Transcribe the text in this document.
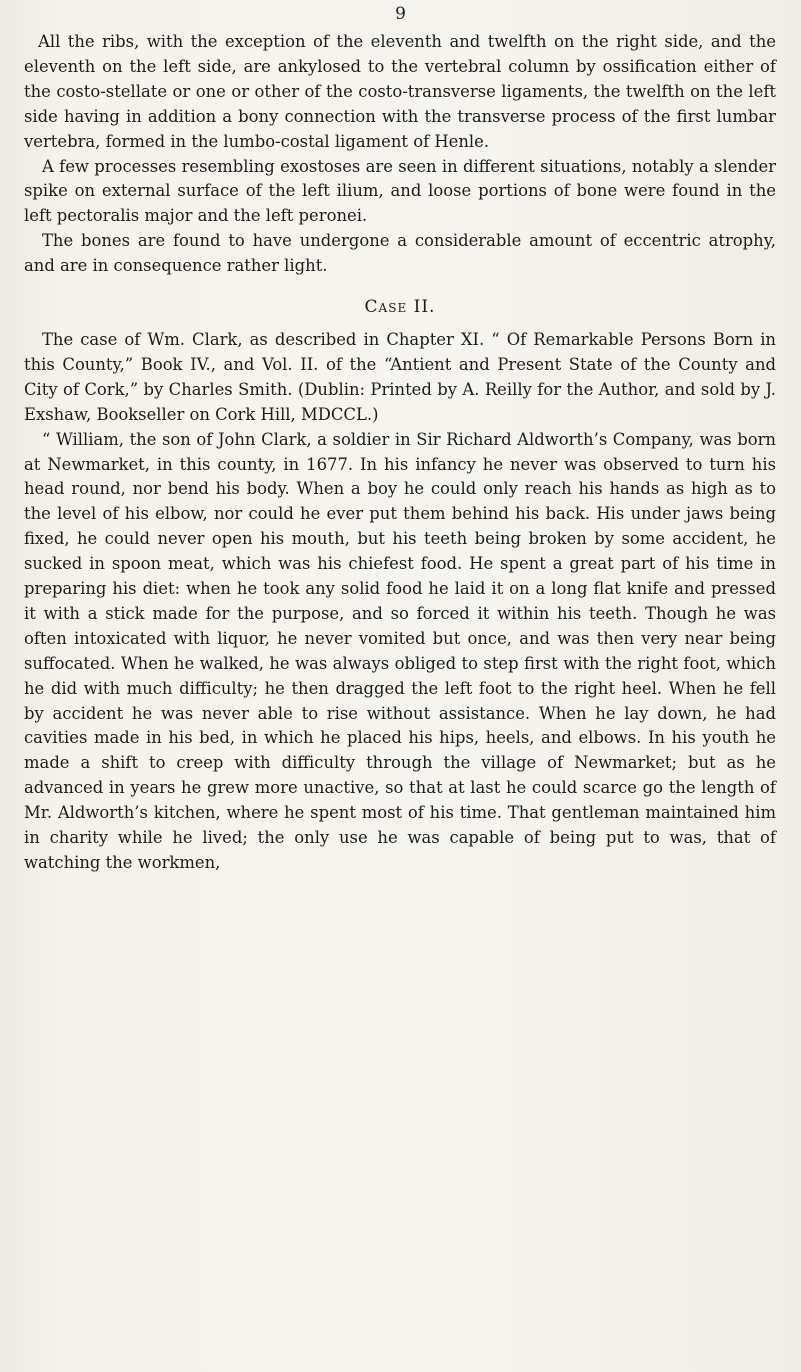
9

All the ribs, with the exception of the eleventh and twelfth on the right side, and the eleventh on the left side, are ankylosed to the vertebral column by ossification either of the costo-stellate or one or other of the costo-transverse ligaments, the twelfth on the left side having in addition a bony connection with the transverse process of the first lumbar vertebra, formed in the lumbo-costal ligament of Henle.

A few processes resembling exostoses are seen in different situations, notably a slender spike on external surface of the left ilium, and loose portions of bone were found in the left pectoralis major and the left peronei.

The bones are found to have undergone a considerable amount of eccentric atrophy, and are in consequence rather light.

Case II.

The case of Wm. Clark, as described in Chapter XI. “ Of Remarkable Persons Born in this County,” Book IV., and Vol. II. of the “Antient and Present State of the County and City of Cork,” by Charles Smith. (Dublin: Printed by A. Reilly for the Author, and sold by J. Exshaw, Bookseller on Cork Hill, MDCCL.)

“ William, the son of John Clark, a soldier in Sir Richard Aldworth’s Company, was born at Newmarket, in this county, in 1677. In his infancy he never was observed to turn his head round, nor bend his body. When a boy he could only reach his hands as high as to the level of his elbow, nor could he ever put them behind his back. His under jaws being fixed, he could never open his mouth, but his teeth being broken by some accident, he sucked in spoon meat, which was his chiefest food. He spent a great part of his time in preparing his diet: when he took any solid food he laid it on a long flat knife and pressed it with a stick made for the purpose, and so forced it within his teeth. Though he was often intoxicated with liquor, he never vomited but once, and was then very near being suffocated. When he walked, he was always obliged to step first with the right foot, which he did with much difficulty; he then dragged the left foot to the right heel. When he fell by accident he was never able to rise without assistance. When he lay down, he had cavities made in his bed, in which he placed his hips, heels, and elbows. In his youth he made a shift to creep with difficulty through the village of Newmarket; but as he advanced in years he grew more unactive, so that at last he could scarce go the length of Mr. Aldworth’s kitchen, where he spent most of his time. That gentleman maintained him in charity while he lived; the only use he was capable of being put to was, that of watching the workmen,
